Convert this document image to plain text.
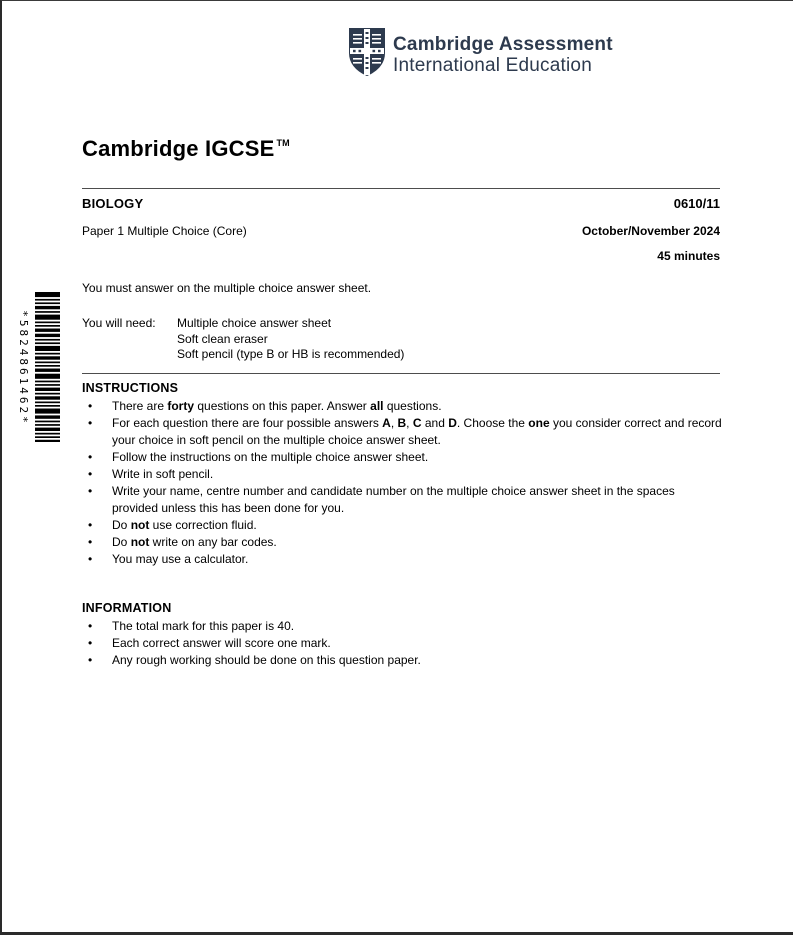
Cambridge Assessment
International Education
Cambridge IGCSE ™
BIOLOGY	0610/11
Paper 1 Multiple Choice (Core)	October/November 2024
45 minutes
You must answer on the multiple choice answer sheet.
You will need:	Multiple choice answer sheet
Soft clean eraser
Soft pencil (type B or HB is recommended)
INSTRUCTIONS
• There are forty questions on this paper. Answer all questions.
• For each question there are four possible answers A, B, C and D. Choose the one you consider correct and record your choice in soft pencil on the multiple choice answer sheet.
• Follow the instructions on the multiple choice answer sheet.
• Write in soft pencil.
• Write your name, centre number and candidate number on the multiple choice answer sheet in the spaces provided unless this has been done for you.
• Do not use correction fluid.
• Do not write on any bar codes.
• You may use a calculator.
INFORMATION
• The total mark for this paper is 40.
• Each correct answer will score one mark.
• Any rough working should be done on this question paper.
*5824861462*
